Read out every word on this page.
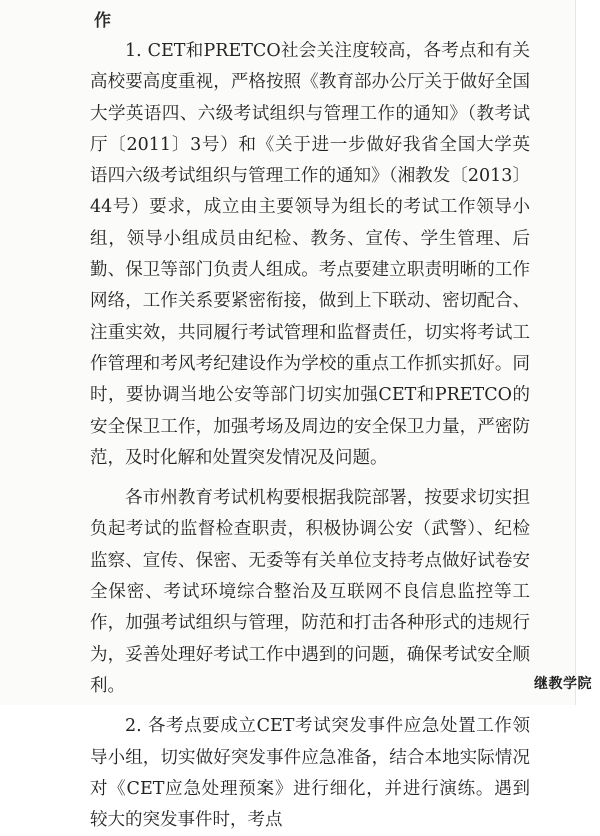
作

1. CET和PRETCO社会关注度较高，各考点和有关高校要高度重视，严格按照《教育部办公厅关于做好全国大学英语四、六级考试组织与管理工作的通知》（教考试厅〔2011〕3号）和《关于进一步做好我省全国大学英语四六级考试组织与管理工作的通知》（湘教发〔2013〕44号）要求，成立由主要领导为组长的考试工作领导小组，领导小组成员由纪检、教务、宣传、学生管理、后勤、保卫等部门负责人组成。考点要建立职责明晰的工作网络，工作关系要紧密衔接，做到上下联动、密切配合、注重实效，共同履行考试管理和监督责任，切实将考试工作管理和考风考纪建设作为学校的重点工作抓实抓好。同时，要协调当地公安等部门切实加强CET和PRETCO的安全保卫工作，加强考场及周边的安全保卫力量，严密防范，及时化解和处置突发情况及问题。

各市州教育考试机构要根据我院部署，按要求切实担负起考试的监督检查职责，积极协调公安（武警）、纪检监察、宣传、保密、无委等有关单位支持考点做好试卷安全保密、考试环境综合整治及互联网不良信息监控等工作，加强考试组织与管理，防范和打击各种形式的违规行为，妥善处理好考试工作中遇到的问题，确保考试安全顺利。

2. 各考点要成立CET考试突发事件应急处置工作领导小组，切实做好突发事件应急准备，结合本地实际情况对《CET应急处理预案》进行细化，并进行演练。遇到较大的突发事件时，考点

继教学院
